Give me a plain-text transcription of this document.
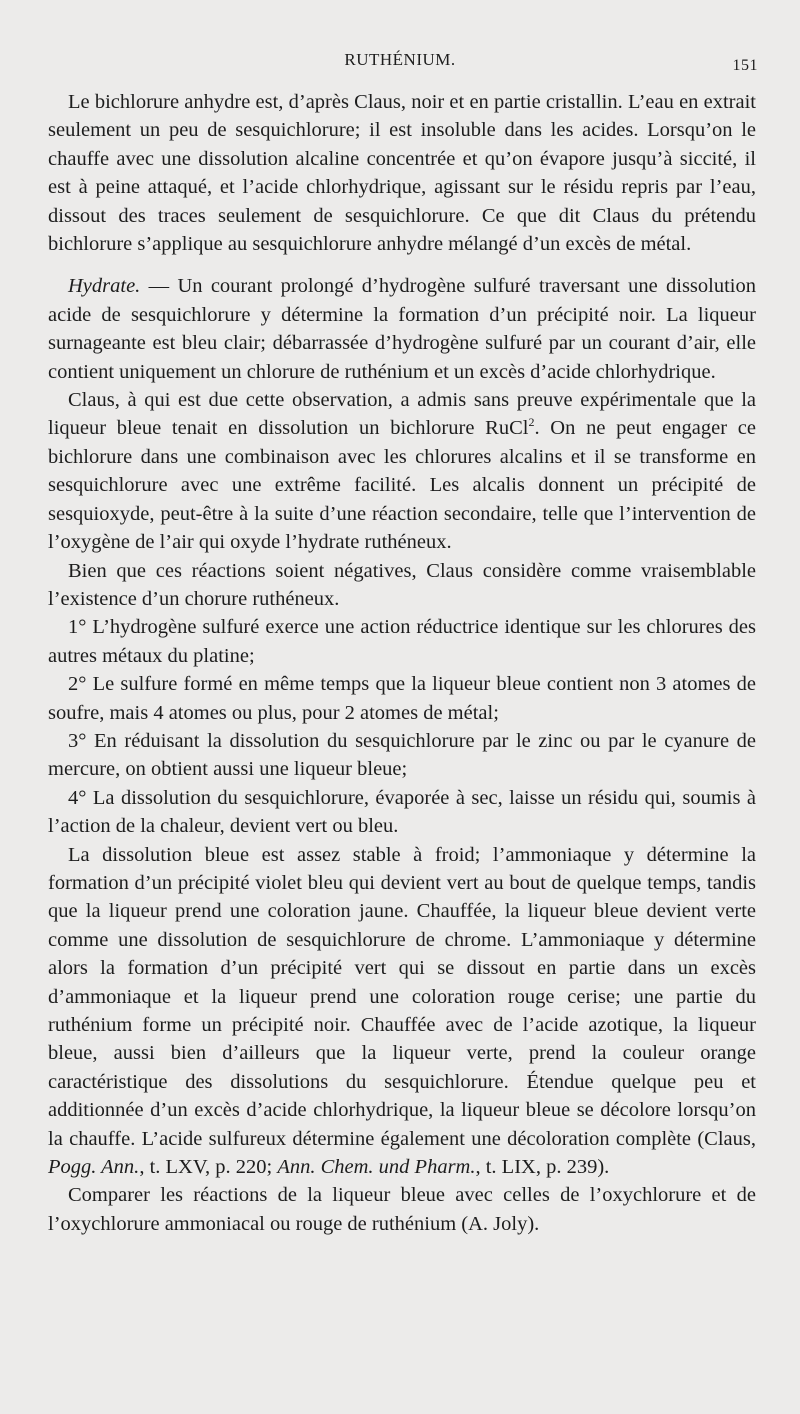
RUTHÉNIUM.	151

Le bichlorure anhydre est, d’après Claus, noir et en partie cristallin. L’eau en extrait seulement un peu de sesquichlorure; il est insoluble dans les acides. Lorsqu’on le chauffe avec une dissolution alcaline concentrée et qu’on évapore jusqu’à siccité, il est à peine attaqué, et l’acide chlorhydrique, agissant sur le résidu repris par l’eau, dissout des traces seulement de sesquichlorure. Ce que dit Claus du prétendu bichlorure s’applique au sesquichlorure anhydre mélangé d’un excès de métal.

Hydrate. — Un courant prolongé d’hydrogène sulfuré traversant une dissolution acide de sesquichlorure y détermine la formation d’un précipité noir. La liqueur surnageante est bleu clair; débarrassée d’hydrogène sulfuré par un courant d’air, elle contient uniquement un chlorure de ruthénium et un excès d’acide chlorhydrique.

Claus, à qui est due cette observation, a admis sans preuve expérimentale que la liqueur bleue tenait en dissolution un bichlorure RuCl$^2$. On ne peut engager ce bichlorure dans une combinaison avec les chlorures alcalins et il se transforme en sesquichlorure avec une extrême facilité. Les alcalis donnent un précipité de sesquioxyde, peut-être à la suite d’une réaction secondaire, telle que l’intervention de l’oxygène de l’air qui oxyde l’hydrate ruthéneux.

Bien que ces réactions soient négatives, Claus considère comme vraisemblable l’existence d’un chorure ruthéneux.

1° L’hydrogène sulfuré exerce une action réductrice identique sur les chlorures des autres métaux du platine;

2° Le sulfure formé en même temps que la liqueur bleue contient non 3 atomes de soufre, mais 4 atomes ou plus, pour 2 atomes de métal;

3° En réduisant la dissolution du sesquichlorure par le zinc ou par le cyanure de mercure, on obtient aussi une liqueur bleue;

4° La dissolution du sesquichlorure, évaporée à sec, laisse un résidu qui, soumis à l’action de la chaleur, devient vert ou bleu.

La dissolution bleue est assez stable à froid; l’ammoniaque y détermine la formation d’un précipité violet bleu qui devient vert au bout de quelque temps, tandis que la liqueur prend une coloration jaune. Chauffée, la liqueur bleue devient verte comme une dissolution de sesquichlorure de chrome. L’ammoniaque y détermine alors la formation d’un précipité vert qui se dissout en partie dans un excès d’ammoniaque et la liqueur prend une coloration rouge cerise; une partie du ruthénium forme un précipité noir. Chauffée avec de l’acide azotique, la liqueur bleue, aussi bien d’ailleurs que la liqueur verte, prend la couleur orange caractéristique des dissolutions du sesquichlorure. Étendue quelque peu et additionnée d’un excès d’acide chlorhydrique, la liqueur bleue se décolore lorsqu’on la chauffe. L’acide sulfureux détermine également une décoloration complète (Claus, Pogg. Ann., t. LXV, p. 220; Ann. Chem. und Pharm., t. LIX, p. 239).

Comparer les réactions de la liqueur bleue avec celles de l’oxychlorure et de l’oxychlorure ammoniacal ou rouge de ruthénium (A. Joly).
